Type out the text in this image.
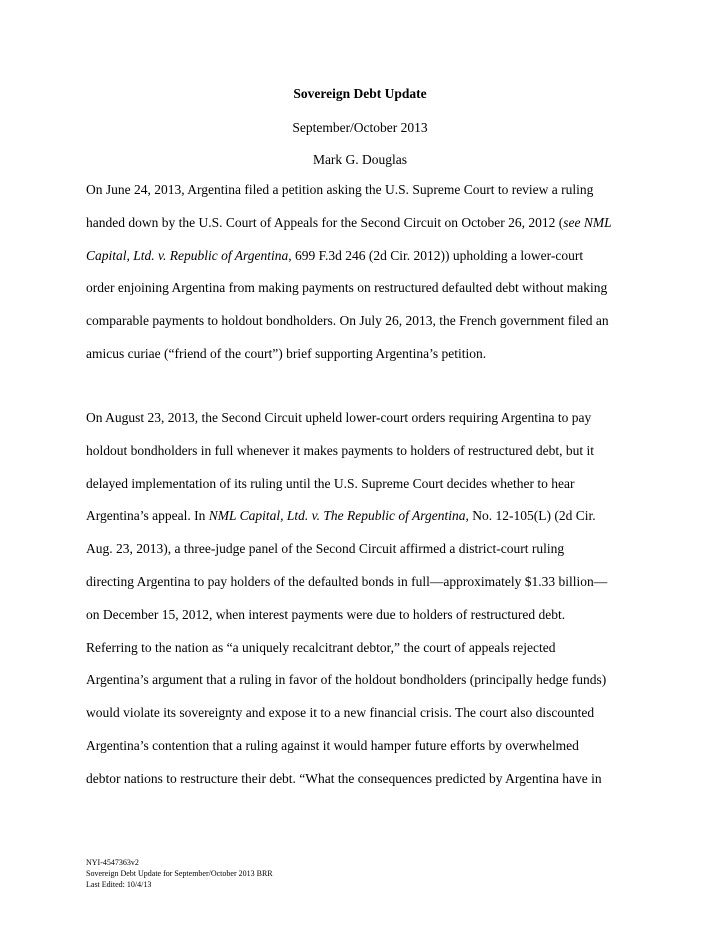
Sovereign Debt Update
September/October 2013
Mark G. Douglas
On June 24, 2013, Argentina filed a petition asking the U.S. Supreme Court to review a ruling
handed down by the U.S. Court of Appeals for the Second Circuit on October 26, 2012 (see NML
Capital, Ltd. v. Republic of Argentina, 699 F.3d 246 (2d Cir. 2012)) upholding a lower-court
order enjoining Argentina from making payments on restructured defaulted debt without making
comparable payments to holdout bondholders. On July 26, 2013, the French government filed an
amicus curiae (“friend of the court”) brief supporting Argentina’s petition.
On August 23, 2013, the Second Circuit upheld lower-court orders requiring Argentina to pay
holdout bondholders in full whenever it makes payments to holders of restructured debt, but it
delayed implementation of its ruling until the U.S. Supreme Court decides whether to hear
Argentina’s appeal. In NML Capital, Ltd. v. The Republic of Argentina, No. 12-105(L) (2d Cir.
Aug. 23, 2013), a three-judge panel of the Second Circuit affirmed a district-court ruling
directing Argentina to pay holders of the defaulted bonds in full—approximately $1.33 billion—
on December 15, 2012, when interest payments were due to holders of restructured debt.
Referring to the nation as “a uniquely recalcitrant debtor,” the court of appeals rejected
Argentina’s argument that a ruling in favor of the holdout bondholders (principally hedge funds)
would violate its sovereignty and expose it to a new financial crisis. The court also discounted
Argentina’s contention that a ruling against it would hamper future efforts by overwhelmed
debtor nations to restructure their debt. “What the consequences predicted by Argentina have in
NYI-4547363v2
Sovereign Debt Update for September/October 2013 BRR
Last Edited: 10/4/13
